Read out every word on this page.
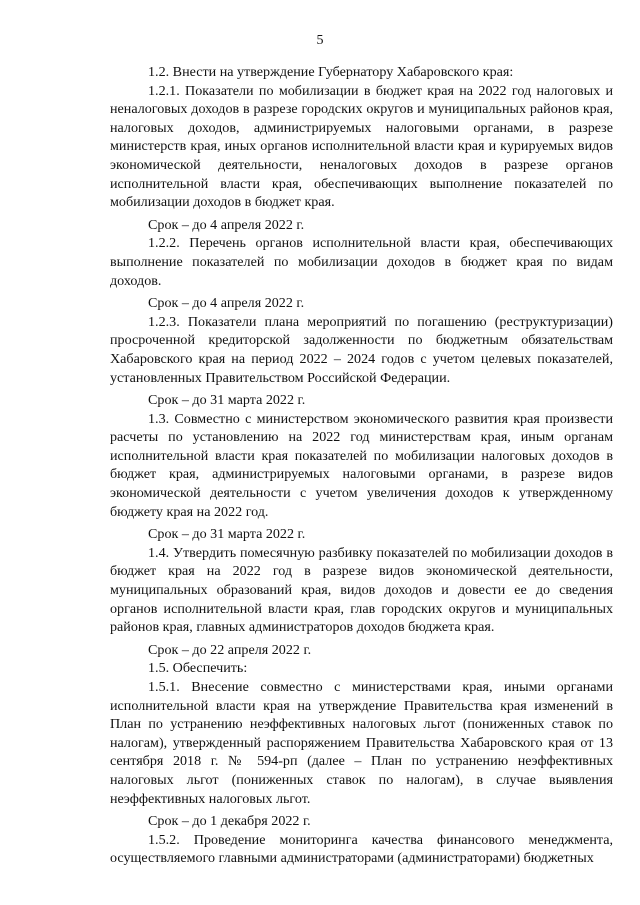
5

1.2. Внести на утверждение Губернатору Хабаровского края:

1.2.1. Показатели по мобилизации в бюджет края на 2022 год налоговых и неналоговых доходов в разрезе городских округов и муниципальных районов края, налоговых доходов, администрируемых налоговыми органами, в разрезе министерств края, иных органов исполнительной власти края и курируемых видов экономической деятельности, неналоговых доходов в разрезе органов исполнительной власти края, обеспечивающих выполнение показателей по мобилизации доходов в бюджет края.

Срок – до 4 апреля 2022 г.

1.2.2. Перечень органов исполнительной власти края, обеспечивающих выполнение показателей по мобилизации доходов в бюджет края по видам доходов.

Срок – до 4 апреля 2022 г.

1.2.3. Показатели плана мероприятий по погашению (реструктуризации) просроченной кредиторской задолженности по бюджетным обязательствам Хабаровского края на период 2022 – 2024 годов с учетом целевых показателей, установленных Правительством Российской Федерации.

Срок – до 31 марта 2022 г.

1.3. Совместно с министерством экономического развития края произвести расчеты по установлению на 2022 год министерствам края, иным органам исполнительной власти края показателей по мобилизации налоговых доходов в бюджет края, администрируемых налоговыми органами, в разрезе видов экономической деятельности с учетом увеличения доходов к утвержденному бюджету края на 2022 год.

Срок – до 31 марта 2022 г.

1.4. Утвердить помесячную разбивку показателей по мобилизации доходов в бюджет края на 2022 год в разрезе видов экономической деятельности, муниципальных образований края, видов доходов и довести ее до сведения органов исполнительной власти края, глав городских округов и муниципальных районов края, главных администраторов доходов бюджета края.

Срок – до 22 апреля 2022 г.

1.5. Обеспечить:

1.5.1. Внесение совместно с министерствами края, иными органами исполнительной власти края на утверждение Правительства края изменений в План по устранению неэффективных налоговых льгот (пониженных ставок по налогам), утвержденный распоряжением Правительства Хабаровского края от 13 сентября 2018 г. № 594-рп (далее – План по устранению неэффективных налоговых льгот (пониженных ставок по налогам), в случае выявления неэффективных налоговых льгот.

Срок – до 1 декабря 2022 г.

1.5.2. Проведение мониторинга качества финансового менеджмента, осуществляемого главными администраторами (администраторами) бюджетных
